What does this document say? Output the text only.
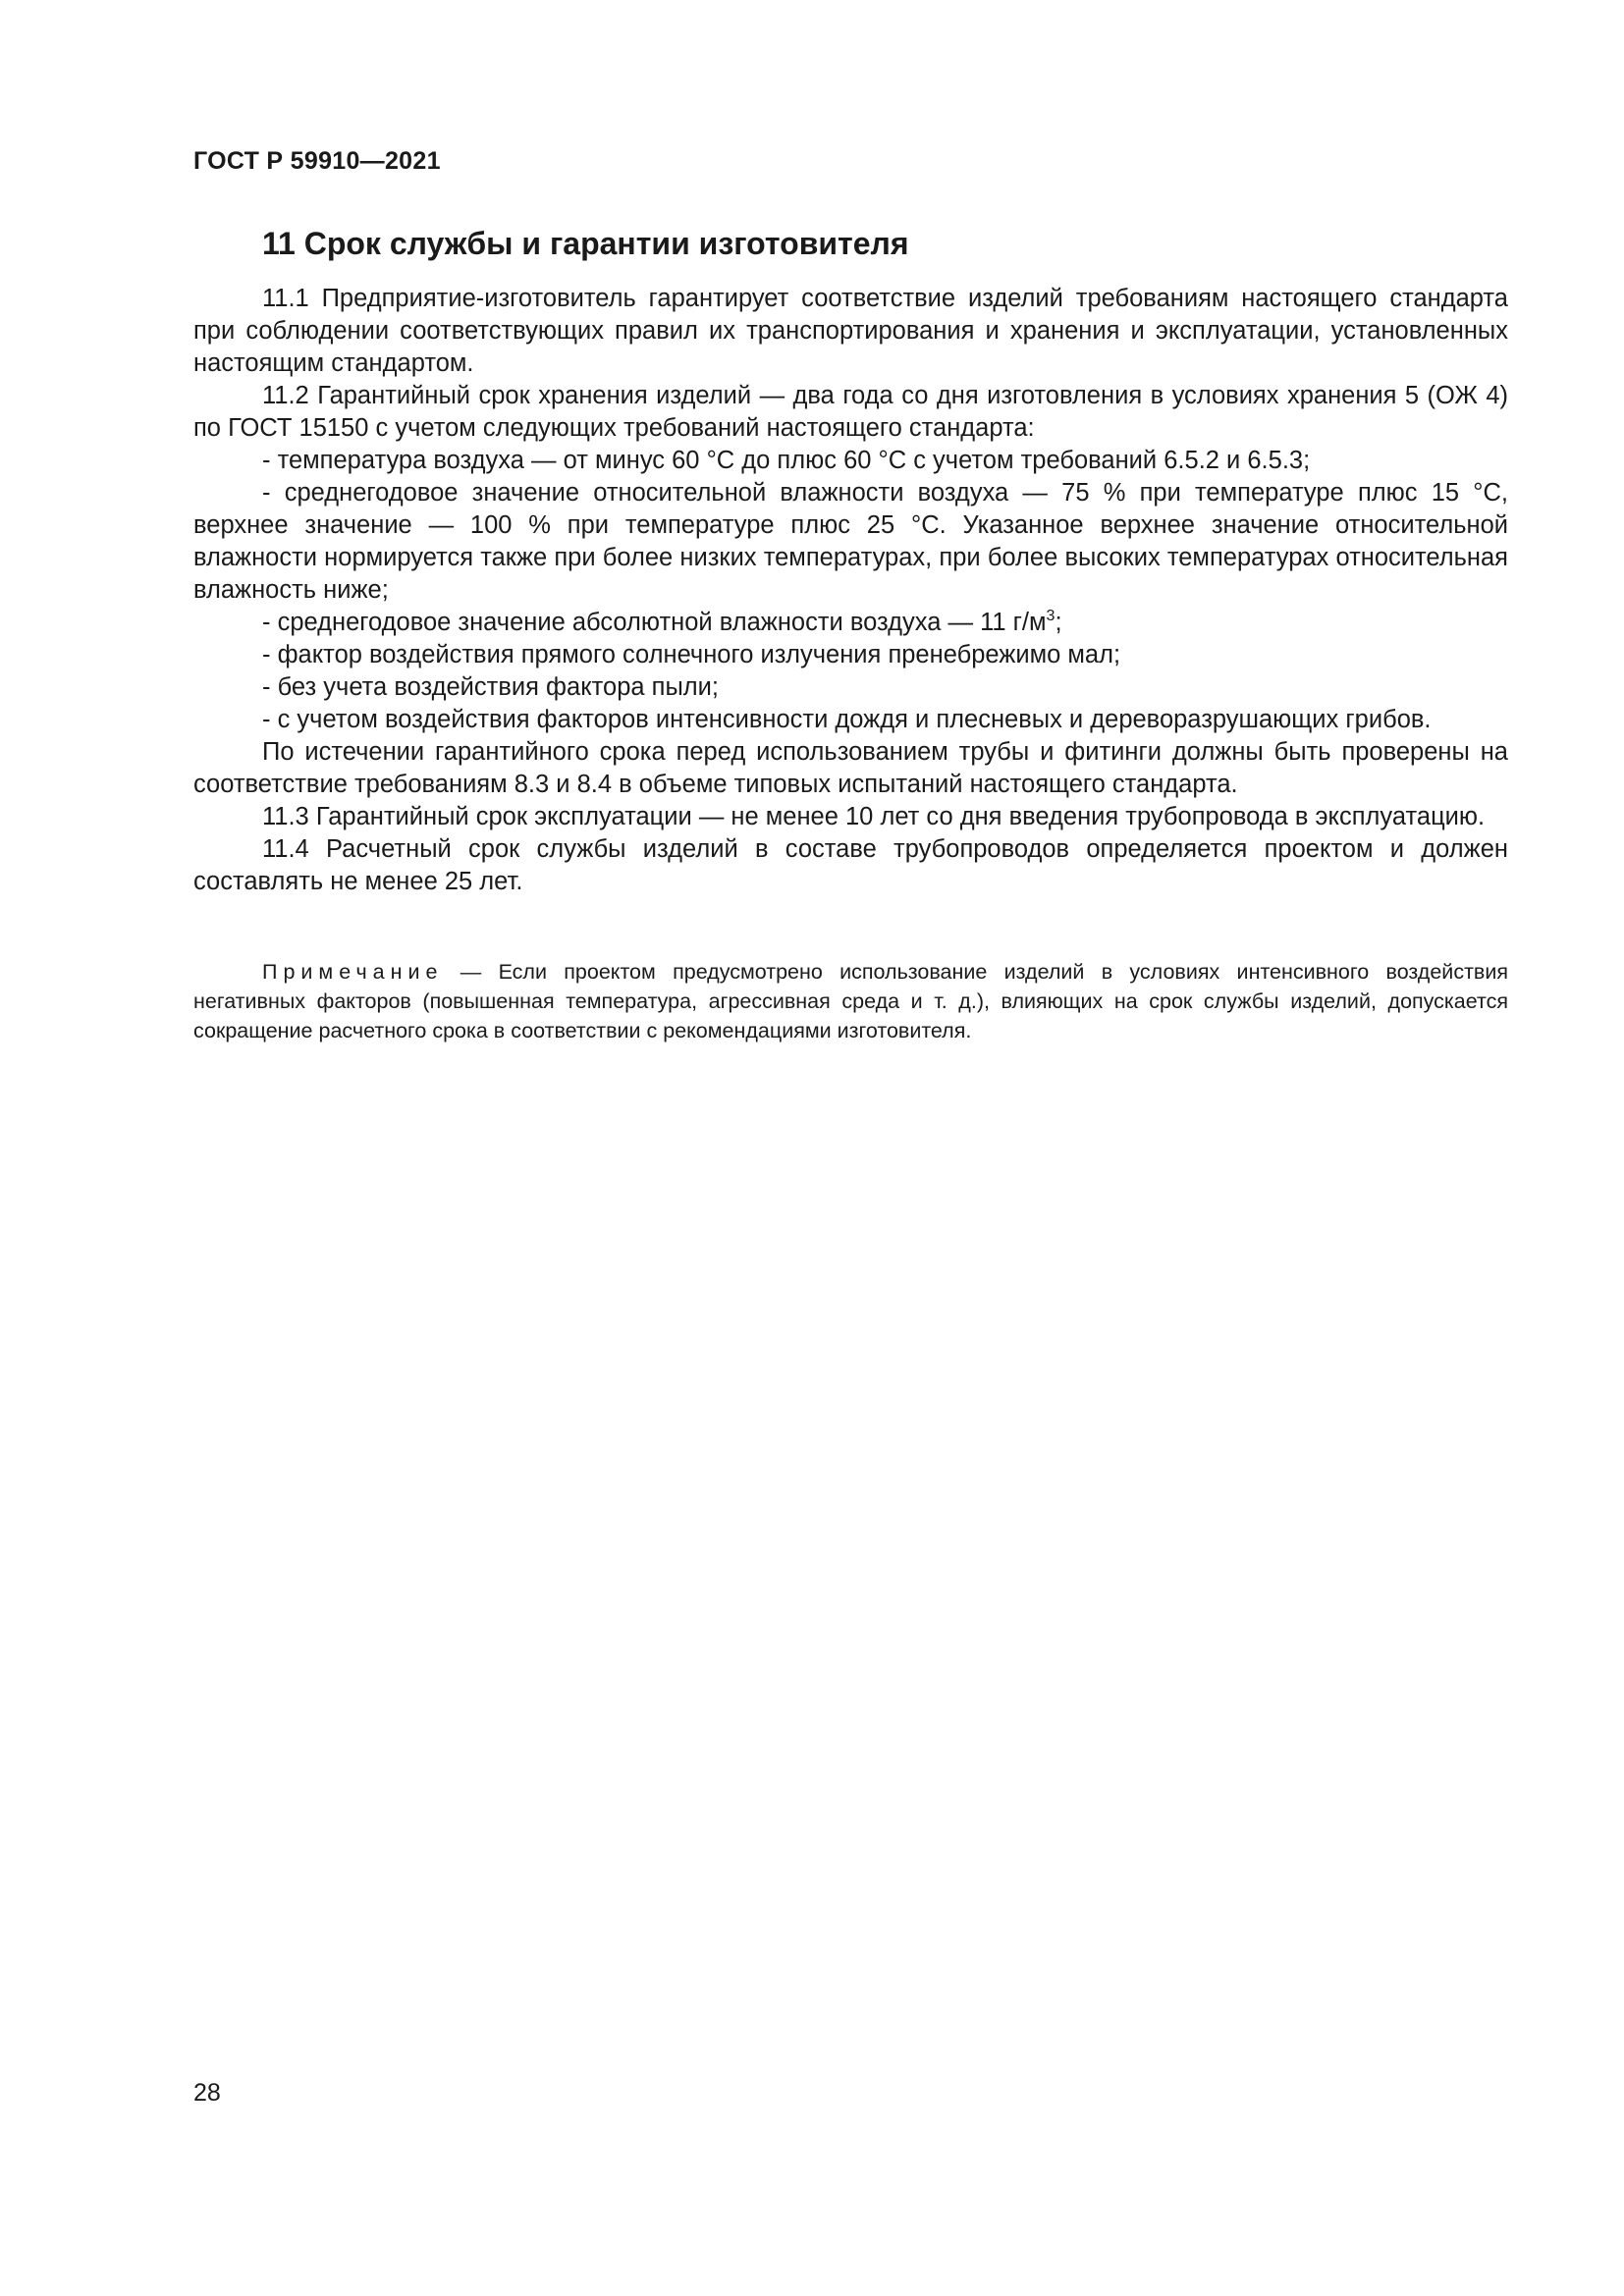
ГОСТ Р 59910—2021
11 Срок службы и гарантии изготовителя

11.1 Предприятие-изготовитель гарантирует соответствие изделий требованиям настоящего стандарта при соблюдении соответствующих правил их транспортирования и хранения и эксплуатации, установленных настоящим стандартом.

11.2 Гарантийный срок хранения изделий — два года со дня изготовления в условиях хранения 5 (ОЖ 4) по ГОСТ 15150 с учетом следующих требований настоящего стандарта:

- температура воздуха — от минус 60 °С до плюс 60 °С с учетом требований 6.5.2 и 6.5.3;

- среднегодовое значение относительной влажности воздуха — 75 % при температуре плюс 15 °С, верхнее значение — 100 % при температуре плюс 25 °С. Указанное верхнее значение относительной влажности нормируется также при более низких температурах, при более высоких температурах относительная влажность ниже;

- среднегодовое значение абсолютной влажности воздуха — 11 $г/м^3$;

- фактор воздействия прямого солнечного излучения пренебрежимо мал;

- без учета воздействия фактора пыли;

- с учетом воздействия факторов интенсивности дождя и плесневых и дереворазрушающих грибов.

По истечении гарантийного срока перед использованием трубы и фитинги должны быть проверены на соответствие требованиям 8.3 и 8.4 в объеме типовых испытаний настоящего стандарта.

11.3 Гарантийный срок эксплуатации — не менее 10 лет со дня введения трубопровода в эксплуатацию.

11.4 Расчетный срок службы изделий в составе трубопроводов определяется проектом и должен составлять не менее 25 лет.

Примечание — Если проектом предусмотрено использование изделий в условиях интенсивного воздействия негативных факторов (повышенная температура, агрессивная среда и т. д.), влияющих на срок службы изделий, допускается сокращение расчетного срока в соответствии с рекомендациями изготовителя.

28
